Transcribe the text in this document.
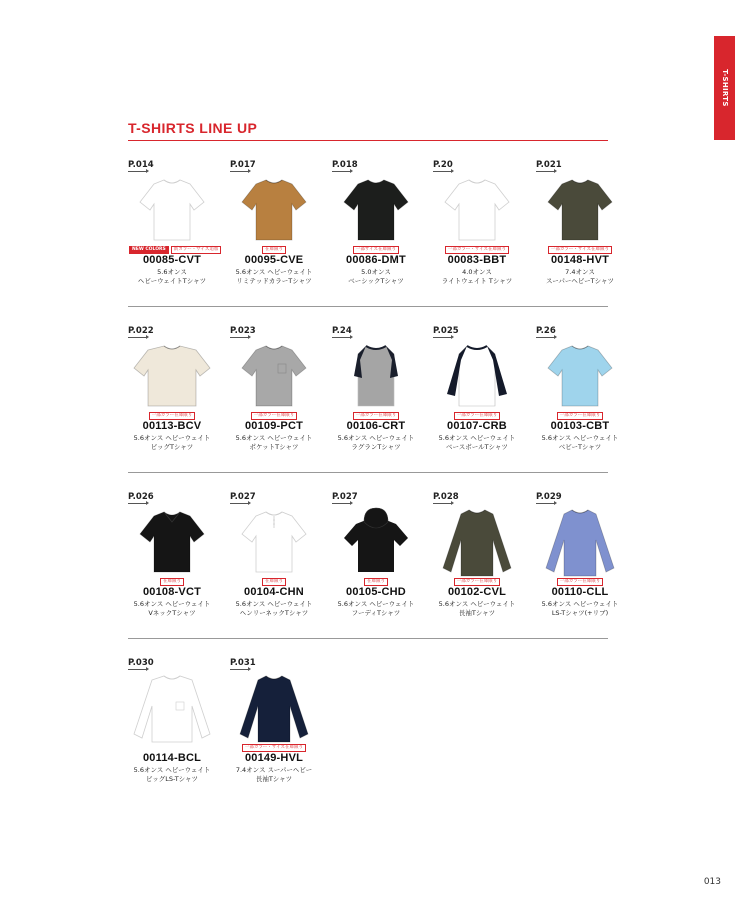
T-SHIRTS
T-SHIRTS LINE UP
P.014
NEW COLORS 新カラー・サイズ追加
00085-CVT
5.6オンス
ヘビーウェイトTシャツ
P.017
在庫限り
00095-CVE
5.6オンス ヘビーウェイト
リミテッドカラーTシャツ
P.018
一部サイズ在庫限り
00086-DMT
5.0オンス
ベーシックTシャツ
P.20
一部カラー・サイズ在庫限り
00083-BBT
4.0オンス
ライトウェイト Tシャツ
P.021
一部カラー・サイズ在庫限り
00148-HVT
7.4オンス
スーパーヘビーTシャツ
P.022
一部カラー在庫限り
00113-BCV
5.6オンス ヘビーウェイト
ビッグTシャツ
P.023
一部カラー在庫限り
00109-PCT
5.6オンス ヘビーウェイト
ポケットTシャツ
P.24
一部カラー在庫限り
00106-CRT
5.6オンス ヘビーウェイト
ラグランTシャツ
P.025
一部カラー在庫限り
00107-CRB
5.6オンス ヘビーウェイト
ベースボールTシャツ
P.26
一部カラー在庫限り
00103-CBT
5.6オンス ヘビーウェイト
ベビーTシャツ
P.026
在庫限り
00108-VCT
5.6オンス ヘビーウェイト
VネックTシャツ
P.027
在庫限り
00104-CHN
5.6オンス ヘビーウェイト
ヘンリーネックTシャツ
P.027
在庫限り
00105-CHD
5.6オンス ヘビーウェイト
フーディTシャツ
P.028
一部カラー在庫限り
00102-CVL
5.6オンス ヘビーウェイト
長袖Tシャツ
P.029
一部カラー在庫限り
00110-CLL
5.6オンス ヘビーウェイト
LS-Tシャツ(+リブ)
P.030
00114-BCL
5.6オンス ヘビーウェイト
ビッグLS-Tシャツ
P.031
一部カラー・サイズ在庫限り
00149-HVL
7.4オンス スーパーヘビー
長袖Tシャツ
013
